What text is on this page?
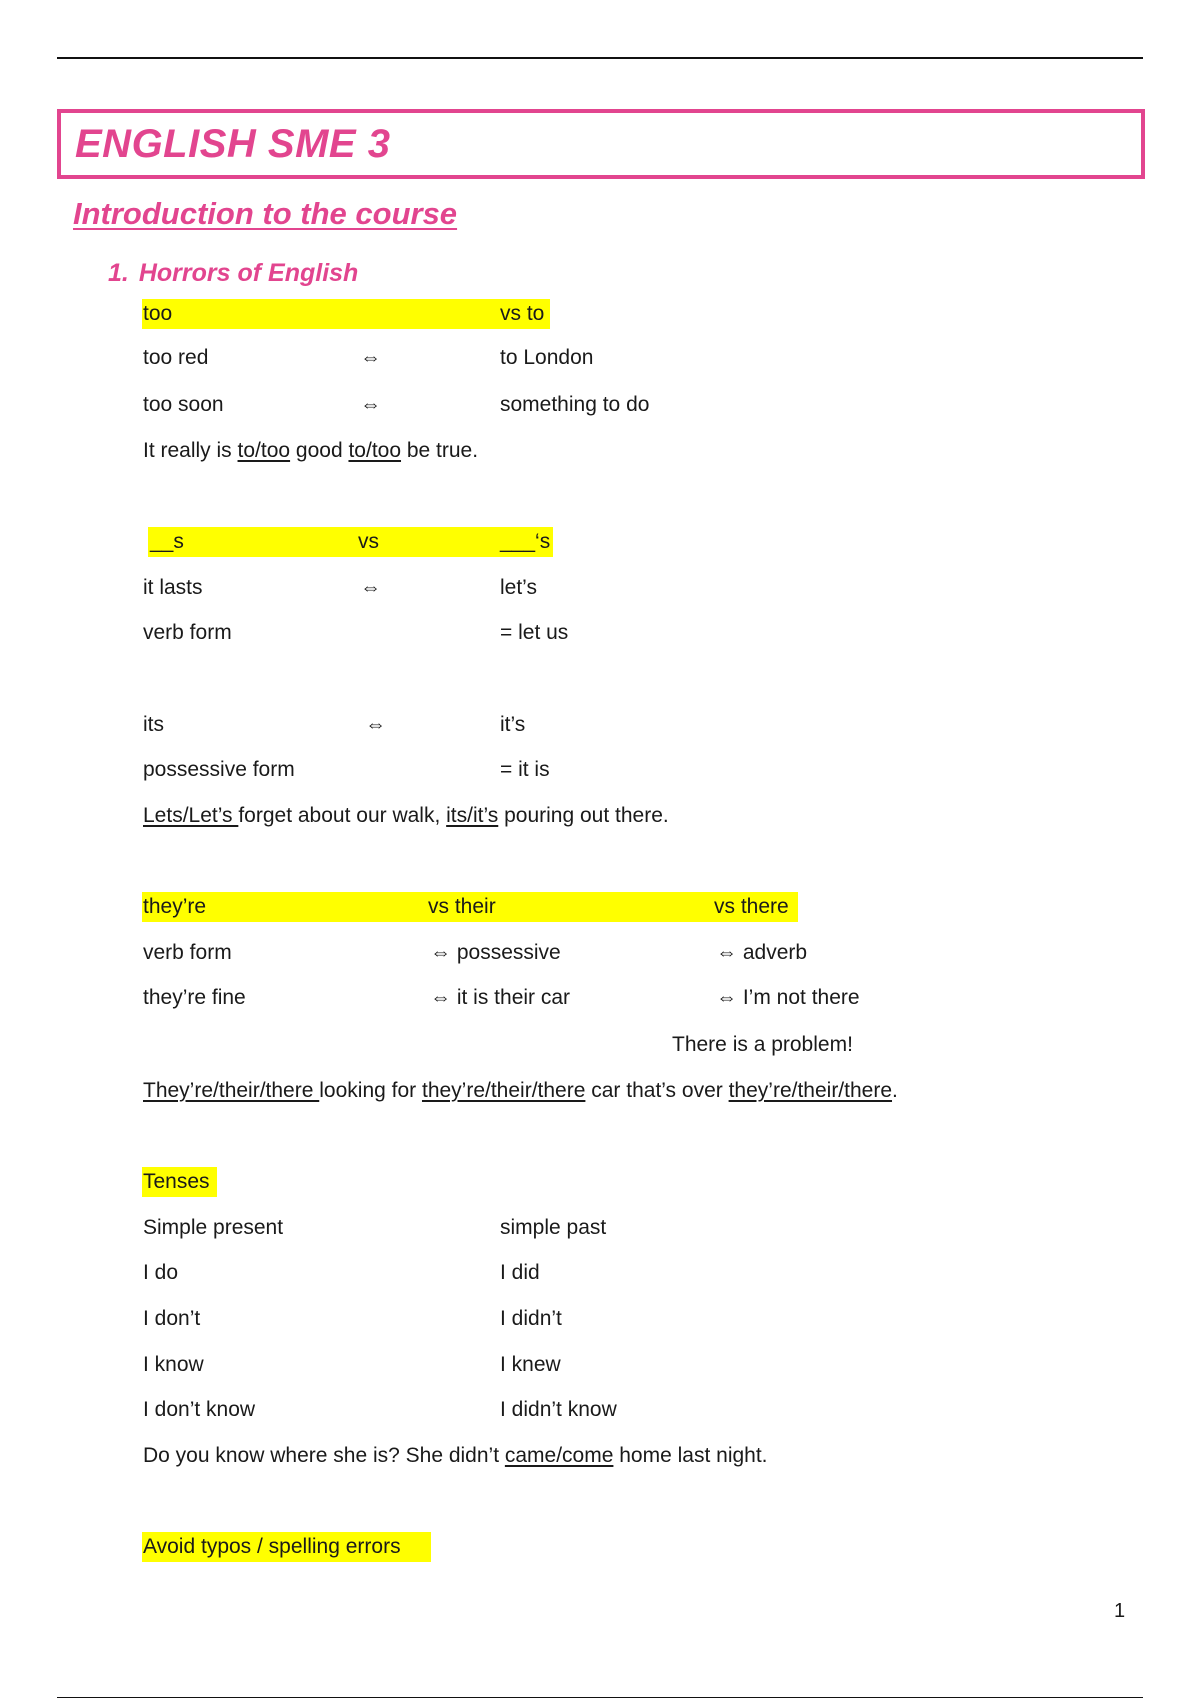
ENGLISH SME 3
Introduction to the course
1. Horrors of English
too	vs to
too red	⇔	to London
too soon	⇔	something to do
It really is to/too good to/too be true.
__s	vs	___‘s
it lasts	⇔	let’s
verb form	= let us
its	⇔	it’s
possessive form	= it is
Lets/Let’s forget about our walk, its/it’s pouring out there.
they’re	vs their	vs there
verb form	⇔ possessive	⇔ adverb
they’re fine	⇔ it is their car	⇔ I’m not there
There is a problem!
They’re/their/there looking for they’re/their/there car that’s over they’re/their/there.
Tenses
Simple present	simple past
I do	I did
I don’t	I didn’t
I know	I knew
I don’t know	I didn’t know
Do you know where she is? She didn’t came/come home last night.
Avoid typos / spelling errors
1
